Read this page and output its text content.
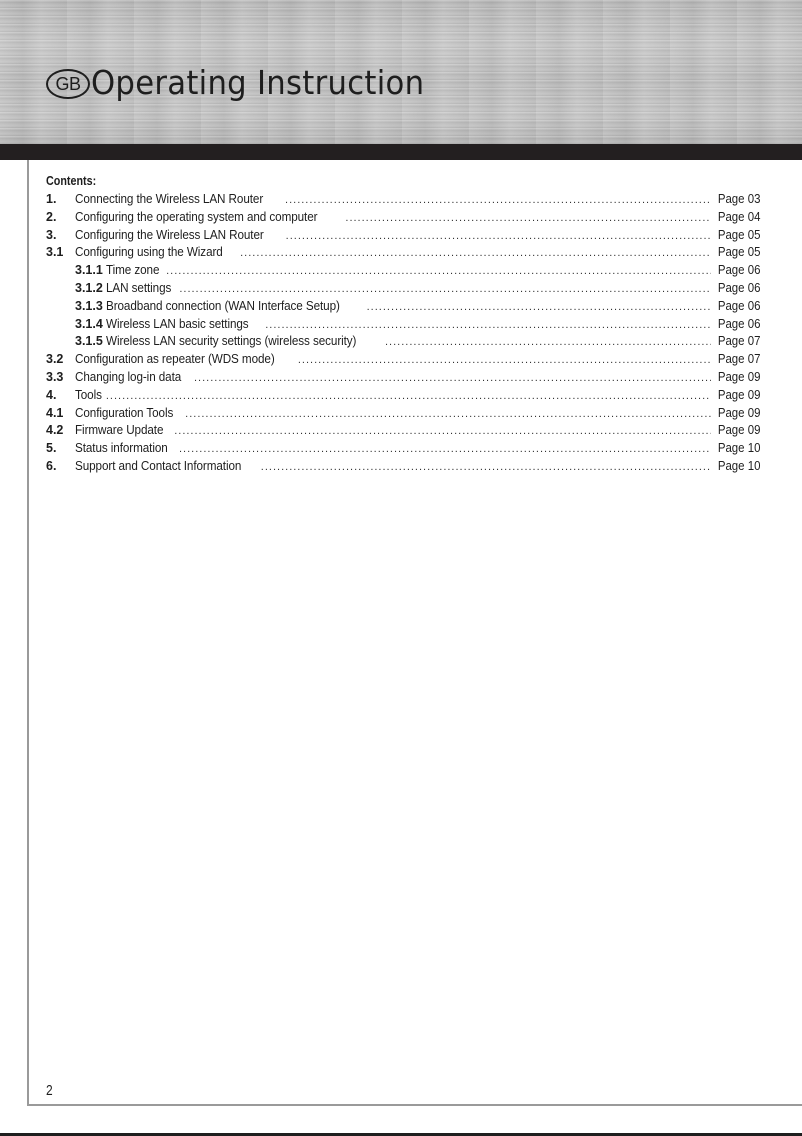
GB Operating Instruction
Contents:
1.	Connecting the Wireless LAN Router .....	Page 03
2.	Configuring the operating system and computer .....	Page 04
3.	Configuring the Wireless LAN Router .....	Page 05
3.1 Configuring using the Wizard .....	Page 05
3.1.1 Time zone .....	Page 06
3.1.2 LAN settings .....	Page 06
3.1.3 Broadband connection (WAN Interface Setup) .....	Page 06
3.1.4 Wireless LAN basic settings .....	Page 06
3.1.5 Wireless LAN security settings (wireless security) .....	Page 07
3.2 Configuration as repeater (WDS mode) .....	Page 07
3.3 Changing log-in data .....	Page 09
4.	Tools .....	Page 09
4.1 Configuration Tools .....	Page 09
4.2 Firmware Update .....	Page 09
5.	Status information .....	Page 10
6.	Support and Contact Information .....	Page 10
2
